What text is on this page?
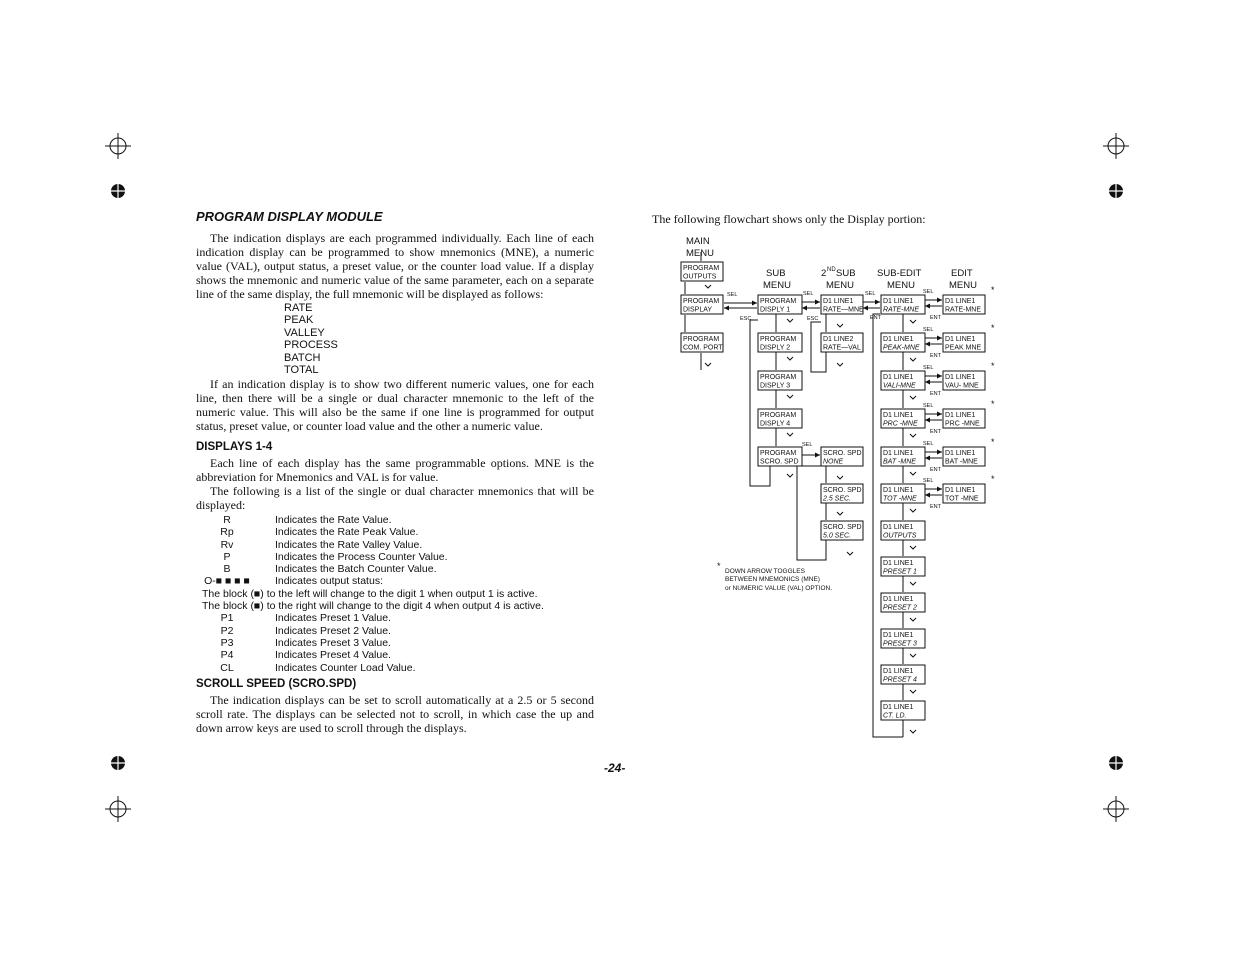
PROGRAM DISPLAY MODULE

The indication displays are each programmed individually. Each line of each indication display can be programmed to show mnemonics (MNE), a numeric value (VAL), output status, a preset value, or the counter load value. If a display shows the mnemonic and numeric value of the same parameter, each on a separate line of the same display, the full mnemonic will be displayed as follows:

RATE
PEAK
VALLEY
PROCESS
BATCH
TOTAL

If an indication display is to show two different numeric values, one for each line, then there will be a single or dual character mnemonic to the left of the numeric value. This will also be the same if one line is programmed for output status, preset value, or counter load value and the other a numeric value.

DISPLAYS 1-4

Each line of each display has the same programmable options. MNE is the abbreviation for Mnemonics and VAL is for value.

The following is a list of the single or dual character mnemonics that will be displayed:

R	Indicates the Rate Value.
Rp	Indicates the Rate Peak Value.
Rv	Indicates the Rate Valley Value.
P	Indicates the Process Counter Value.
B	Indicates the Batch Counter Value.
O-■ ■ ■ ■	Indicates output status:
The block (■) to the left will change to the digit 1 when output 1 is active.
The block (■) to the right will change to the digit 4 when output 4 is active.
P1	Indicates Preset 1 Value.
P2	Indicates Preset 2 Value.
P3	Indicates Preset 3 Value.
P4	Indicates Preset 4 Value.
CL	Indicates Counter Load Value.
SCROLL SPEED (SCRO.SPD)

The indication displays can be set to scroll automatically at a 2.5 or 5 second scroll rate. The displays can be selected not to scroll, in which case the up and down arrow keys are used to scroll through the displays.

-24-
The following flowchart shows only the Display portion:
MAIN
MENU
SUB
MENU
2 ND SUB
MENU
SUB-EDIT
MENU
EDIT
MENU
PROGRAM
OUTPUTS
PROGRAM
DISPLAY
PROGRAM
COM. PORT
SEL
ESC
PROGRAM
DISPLY 1
PROGRAM
DISPLY 2
PROGRAM
DISPLY 3
PROGRAM
DISPLY 4
PROGRAM
SCRO. SPD
SEL
ESC
SEL
D1 LINE1
RATE—MNE
D1 LINE2
RATE—VAL
SCRO. SPD
NONE
SCRO. SPD
2.5 SEC.
SCRO. SPD
5.0 SEC.
SEL
ENT
D1 LINE1
RATE-MNE
D1 LINE1
PEAK-MNE
D1 LINE1
VALI-MNE
D1 LINE1
PRC -MNE
D1 LINE1
BAT -MNE
D1 LINE1
TOT -MNE
D1 LINE1
OUTPUTS
D1 LINE1
PRESET 1
D1 LINE1
PRESET 2
D1 LINE1
PRESET 3
D1 LINE1
PRESET 4
D1 LINE1
CT. LD.
D1 LINE1
RATE-MNE
SEL
ENT
*
D1 LINE1
PEAK MNE
SEL
ENT
*
D1 LINE1
VAU- MNE
SEL
ENT
*
D1 LINE1
PRC -MNE
SEL
ENT
*
D1 LINE1
BAT -MNE
SEL
ENT
*
D1 LINE1
TOT -MNE
SEL
ENT
*
*
DOWN ARROW TOGGLES
BETWEEN MNEMONICS (MNE)
or NUMERIC VALUE (VAL) OPTION.
